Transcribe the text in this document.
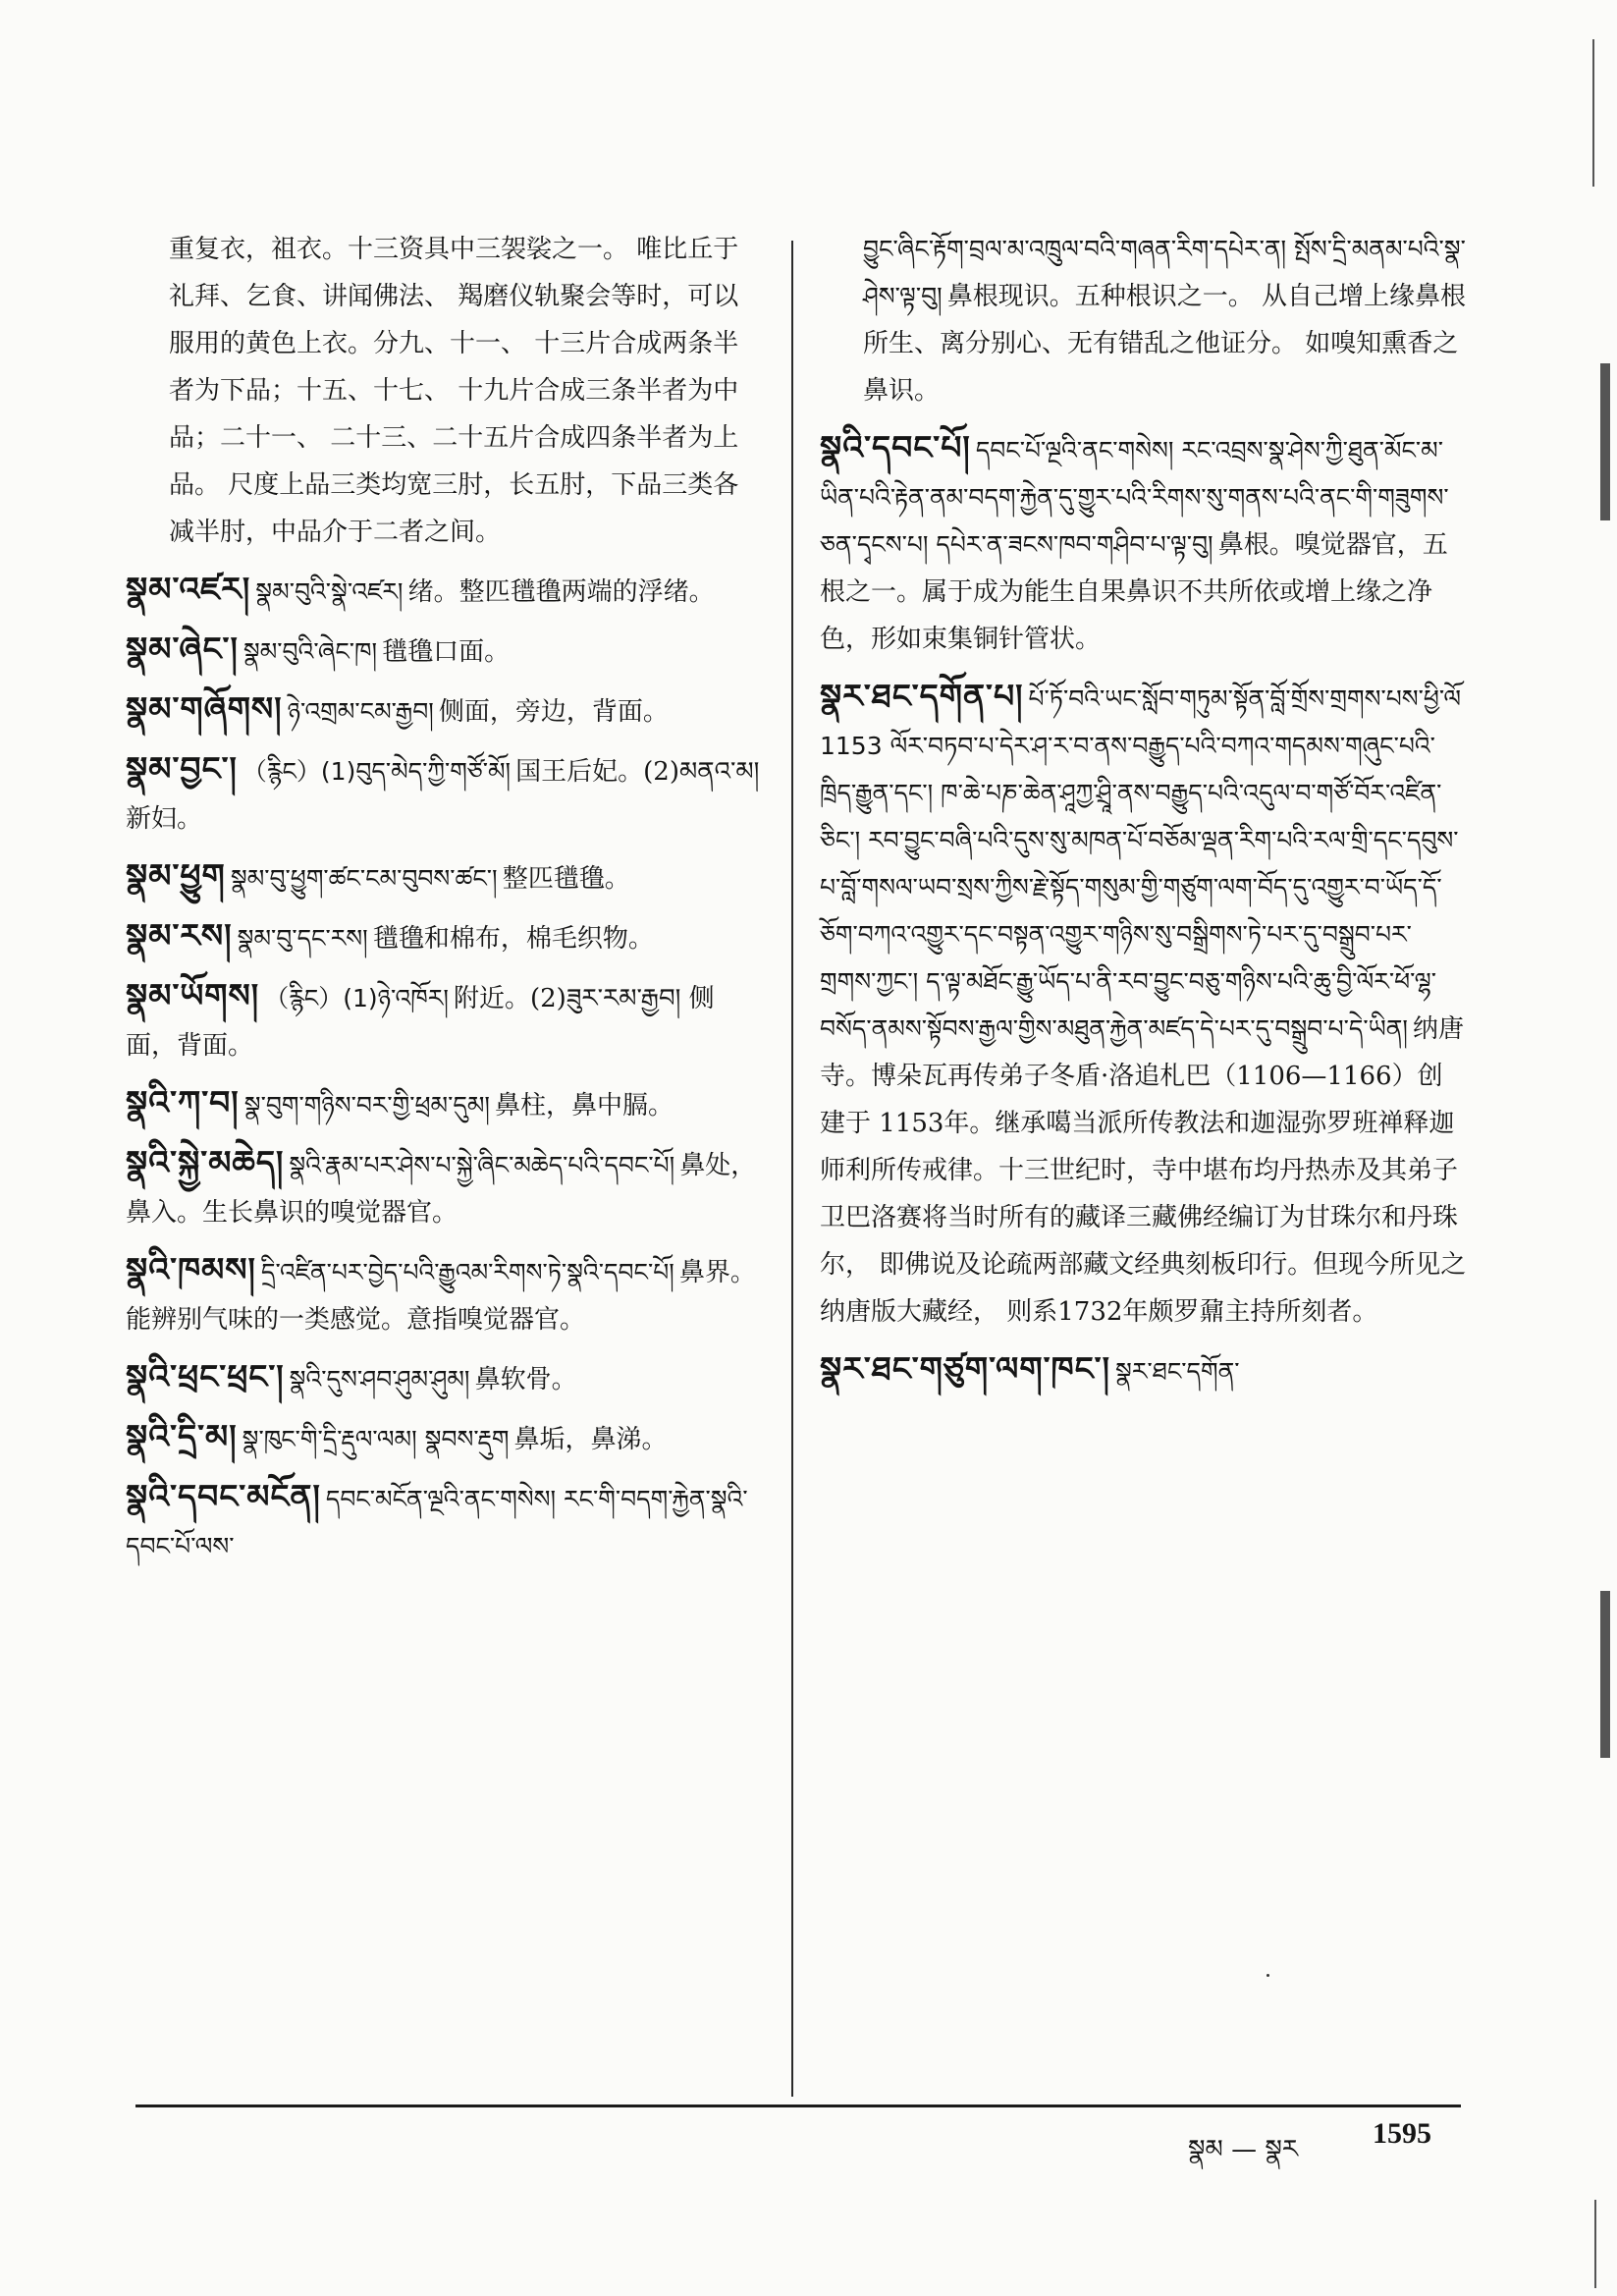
重复衣，祖衣。十三资具中三袈裟之一。 唯比丘于礼拜、乞食、讲闻佛法、 羯磨仪轨聚会等时，可以服用的黄色上衣。分九、十一、 十三片合成两条半者为下品；十五、十七、 十九片合成三条半者为中品；二十一、 二十三、二十五片合成四条半者为上品。 尺度上品三类均宽三肘，长五肘，下品三类各减半肘，中品介于二者之间。
སྣམ་འཛར། སྣམ་བུའི་སྣེ་འཛར། 绪。整匹氆氇两端的浮绪。
སྣམ་ཞེང་། སྣམ་བུའི་ཞེང་ཁ། 氆氇口面。
སྣམ་གཞོགས། ཉེ་འགྲམ་ངམ་རྒྱབ། 侧面，旁边，背面。
སྣམ་བྱང་། （རྙིང）(1)བུད་མེད་ཀྱི་གཙོ་མོ། 国王后妃。(2)མནའ་མ། 新妇。
སྣམ་ཕྱུག སྣམ་བུ་ཕྱུག་ཚང་ངམ་བུབས་ཚང་། 整匹氆氇。
སྣམ་རས། སྣམ་བུ་དང་རས། 氆氇和棉布，棉毛织物。
སྣམ་ཡོགས། （རྙིང）(1)ཉེ་འཁོར། 附近。(2)ཟུར་རམ་རྒྱབ། 侧面，背面。
སྣའི་ཀ་བ། སྣ་བུག་གཉིས་བར་གྱི་ཕྲམ་དུམ། 鼻柱，鼻中膈。
སྣའི་སྐྱེ་མཆེད། སྣའི་རྣམ་པར་ཤེས་པ་སྐྱེ་ཞིང་མཆེད་པའི་དབང་པོ། 鼻处，鼻入。生长鼻识的嗅觉器官。
སྣའི་ཁམས། དྲི་འཛིན་པར་བྱེད་པའི་རྒྱུའམ་རིགས་ཏེ་སྣའི་དབང་པོ། 鼻界。能辨别气味的一类感觉。意指嗅觉器官。
སྣའི་ཕྲང་ཕྲང་། སྣའི་དུས་ཤབ་ཤུམ་ཤུམ། 鼻软骨。
སྣའི་དྲི་མ། སྣ་ཁུང་གི་དྲི་རྡུལ་ལམ། སྣབས་རྡུག 鼻垢，鼻涕。
སྣའི་དབང་མངོན། དབང་མངོན་ལྔའི་ནང་གསེས། རང་གི་བདག་རྐྱེན་སྣའི་དབང་པོ་ལས་
བྱུང་ཞིང་རྟོག་བྲལ་མ་འཁྲུལ་བའི་གཞན་རིག་དཔེར་ན། སྤོས་དྲི་མནམ་པའི་སྣ་ཤེས་ལྟ་བུ། 鼻根现识。五种根识之一。 从自己增上缘鼻根所生、离分别心、无有错乱之他证分。 如嗅知熏香之鼻识。
སྣའི་དབང་པོ། དབང་པོ་ལྔའི་ནང་གསེས། རང་འབྲས་སྣ་ཤེས་ཀྱི་ཐུན་མོང་མ་ཡིན་པའི་རྟེན་ནམ་བདག་རྐྱེན་དུ་གྱུར་པའི་རིགས་སུ་གནས་པའི་ནང་གི་གཟུགས་ཅན་དྭངས་པ། དཔེར་ན་ཟངས་ཁབ་གཤིབ་པ་ལྟ་བུ། 鼻根。嗅觉器官，五根之一。属于成为能生自果鼻识不共所依或增上缘之净色，形如束集铜针管状。
སྣར་ཐང་དགོན་པ། པོ་ཏོ་བའི་ཡང་སློབ་གཏུམ་སྟོན་བློ་གྲོས་གྲགས་པས་ཕྱི་ལོ 1153 ལོར་བཏབ་པ་དེར་ཤ་ར་བ་ནས་བརྒྱུད་པའི་བཀའ་གདམས་གཞུང་པའི་ཁྲིད་རྒྱུན་དང་། ཁ་ཆེ་པཎ་ཆེན་ཤཱཀྱ་ཤྲཱི་ནས་བརྒྱུད་པའི་འདུལ་བ་གཙོ་བོར་འཛིན་ཅིང་། རབ་བྱུང་བཞི་པའི་དུས་སུ་མཁན་པོ་བཅོམ་ལྡན་རིག་པའི་རལ་གྲི་དང་དབུས་པ་བློ་གསལ་ཡབ་སྲས་ཀྱིས་རྗེ་སྟོད་གསུམ་གྱི་གཙུག་ལག་བོད་དུ་འགྱུར་བ་ཡོད་དོ་ཅོག་བཀའ་འགྱུར་དང་བསྟན་འགྱུར་གཉིས་སུ་བསྒྲིགས་ཏེ་པར་དུ་བསྒྲུབ་པར་གྲགས་ཀྱང་། ད་ལྟ་མཐོང་རྒྱུ་ཡོད་པ་ནི་རབ་བྱུང་བཅུ་གཉིས་པའི་ཆུ་བྱི་ལོར་ཕོ་ལྷ་བསོད་ནམས་སྟོབས་རྒྱལ་གྱིས་མཐུན་རྐྱེན་མཛད་དེ་པར་དུ་བསྒྲུབ་པ་དེ་ཡིན། 纳唐寺。博朵瓦再传弟子冬盾·洛追札巴（1106—1166）创建于 1153年。继承噶当派所传教法和迦湿弥罗班禅释迦师利所传戒律。十三世纪时，寺中堪布均丹热赤及其弟子卫巴洛赛将当时所有的藏译三藏佛经编订为甘珠尔和丹珠尔， 即佛说及论疏两部藏文经典刻板印行。但现今所见之纳唐版大藏经， 则系1732年颇罗鼐主持所刻者。
སྣར་ཐང་གཙུག་ལག་ཁང་། སྣར་ཐང་དགོན་
སྣམ — སྣར	1595
